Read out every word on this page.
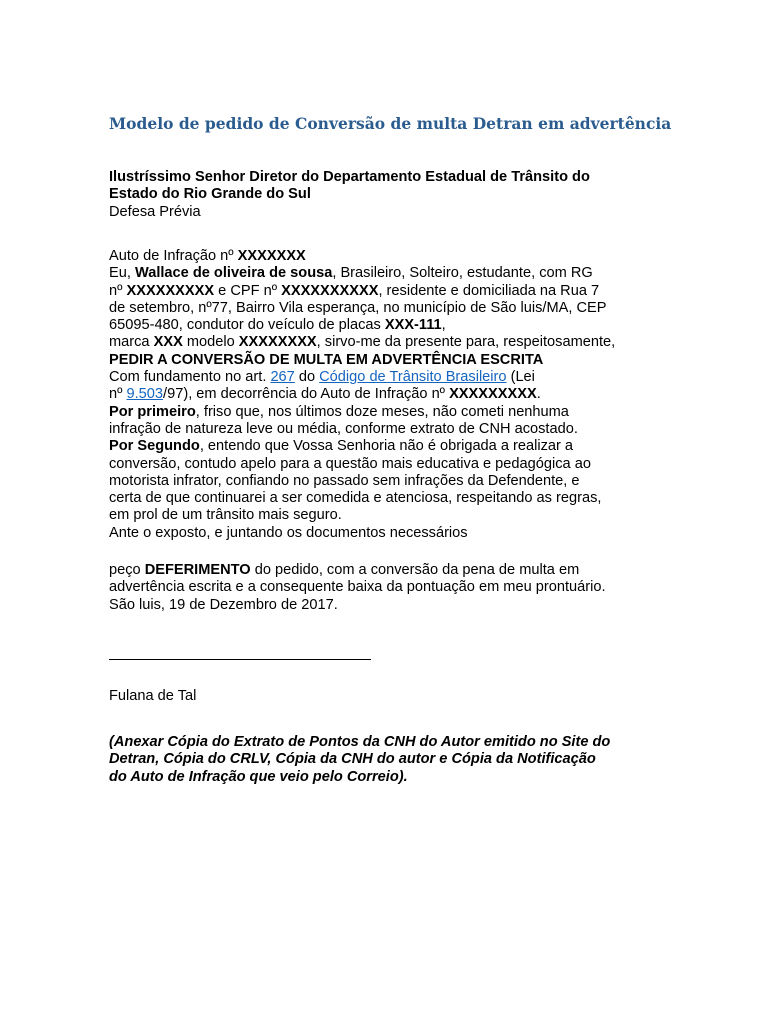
Modelo de pedido de Conversão de multa Detran em advertência

Ilustríssimo Senhor Diretor do Departamento Estadual de Trânsito do

Estado do Rio Grande do Sul

Defesa Prévia

Auto de Infração nº XXXXXXX

Eu, Wallace de oliveira de sousa, Brasileiro, Solteiro, estudante, com RG

nº XXXXXXXXX e CPF nº XXXXXXXXXX, residente e domiciliada na Rua 7

de setembro, nº77, Bairro Vila esperança, no município de São luis/MA, CEP

65095-480, condutor do veículo de placas XXX-111,

marca XXX modelo XXXXXXXX, sirvo-me da presente para, respeitosamente,

PEDIR A CONVERSÃO DE MULTA EM ADVERTÊNCIA ESCRITA

Com fundamento no art. 267 do Código de Trânsito Brasileiro (Lei

nº 9.503/97), em decorrência do Auto de Infração nº XXXXXXXXX.

Por primeiro, friso que, nos últimos doze meses, não cometi nenhuma

infração de natureza leve ou média, conforme extrato de CNH acostado.

Por Segundo, entendo que Vossa Senhoria não é obrigada a realizar a

conversão, contudo apelo para a questão mais educativa e pedagógica ao

motorista infrator, confiando no passado sem infrações da Defendente, e

certa de que continuarei a ser comedida e atenciosa, respeitando as regras,

em prol de um trânsito mais seguro.

Ante o exposto, e juntando os documentos necessários

peço DEFERIMENTO do pedido, com a conversão da pena de multa em

advertência escrita e a consequente baixa da pontuação em meu prontuário.

São luis, 19 de Dezembro de 2017.

Fulana de Tal

(Anexar Cópia do Extrato de Pontos da CNH do Autor emitido no Site do

Detran, Cópia do CRLV, Cópia da CNH do autor e Cópia da Notificação

do Auto de Infração que veio pelo Correio).
